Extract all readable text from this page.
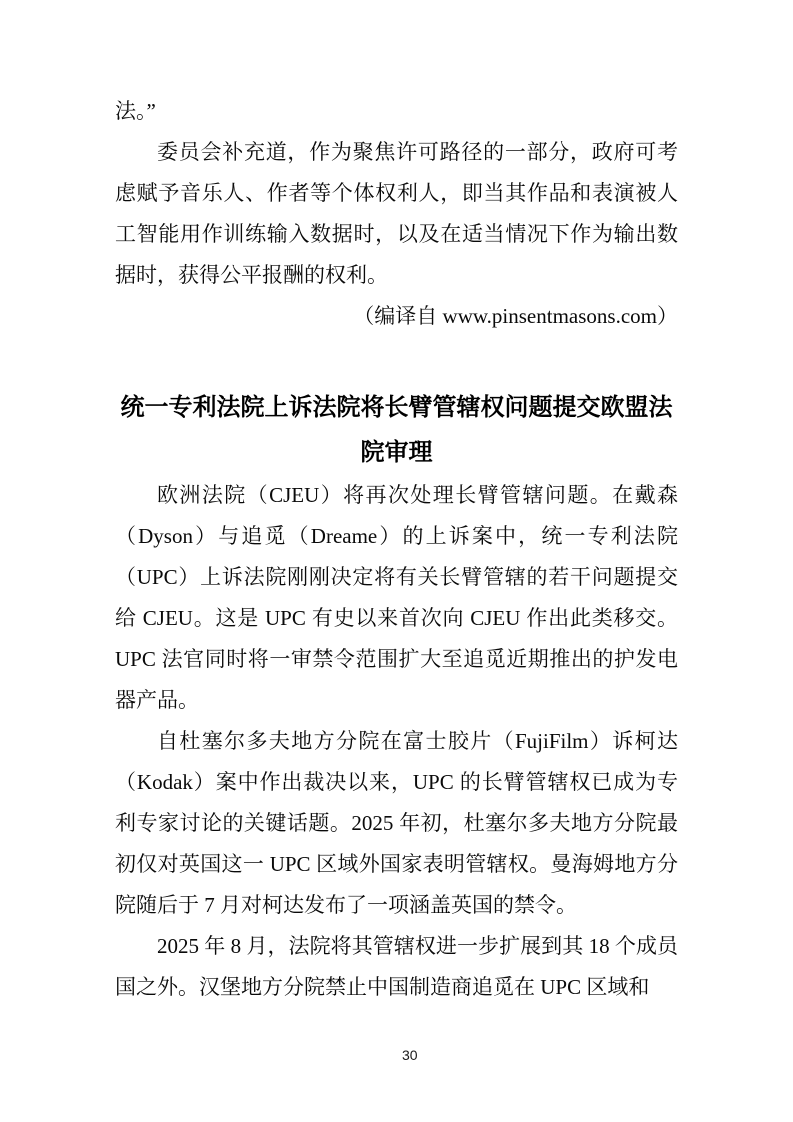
法。”

委员会补充道，作为聚焦许可路径的一部分，政府可考虑赋予音乐人、作者等个体权利人，即当其作品和表演被人工智能用作训练输入数据时，以及在适当情况下作为输出数据时，获得公平报酬的权利。

（编译自 www.pinsentmasons.com）

统一专利法院上诉法院将长臂管辖权问题提交欧盟法院审理

欧洲法院（CJEU）将再次处理长臂管辖问题。在戴森（Dyson）与追觅（Dreame）的上诉案中，统一专利法院（UPC）上诉法院刚刚决定将有关长臂管辖的若干问题提交给 CJEU。这是 UPC 有史以来首次向 CJEU 作出此类移交。UPC 法官同时将一审禁令范围扩大至追觅近期推出的护发电器产品。

自杜塞尔多夫地方分院在富士胶片（FujiFilm）诉柯达（Kodak）案中作出裁决以来，UPC 的长臂管辖权已成为专利专家讨论的关键话题。2025 年初，杜塞尔多夫地方分院最初仅对英国这一 UPC 区域外国家表明管辖权。曼海姆地方分院随后于 7 月对柯达发布了一项涵盖英国的禁令。

2025 年 8 月，法院将其管辖权进一步扩展到其 18 个成员国之外。汉堡地方分院禁止中国制造商追觅在 UPC 区域和

30
